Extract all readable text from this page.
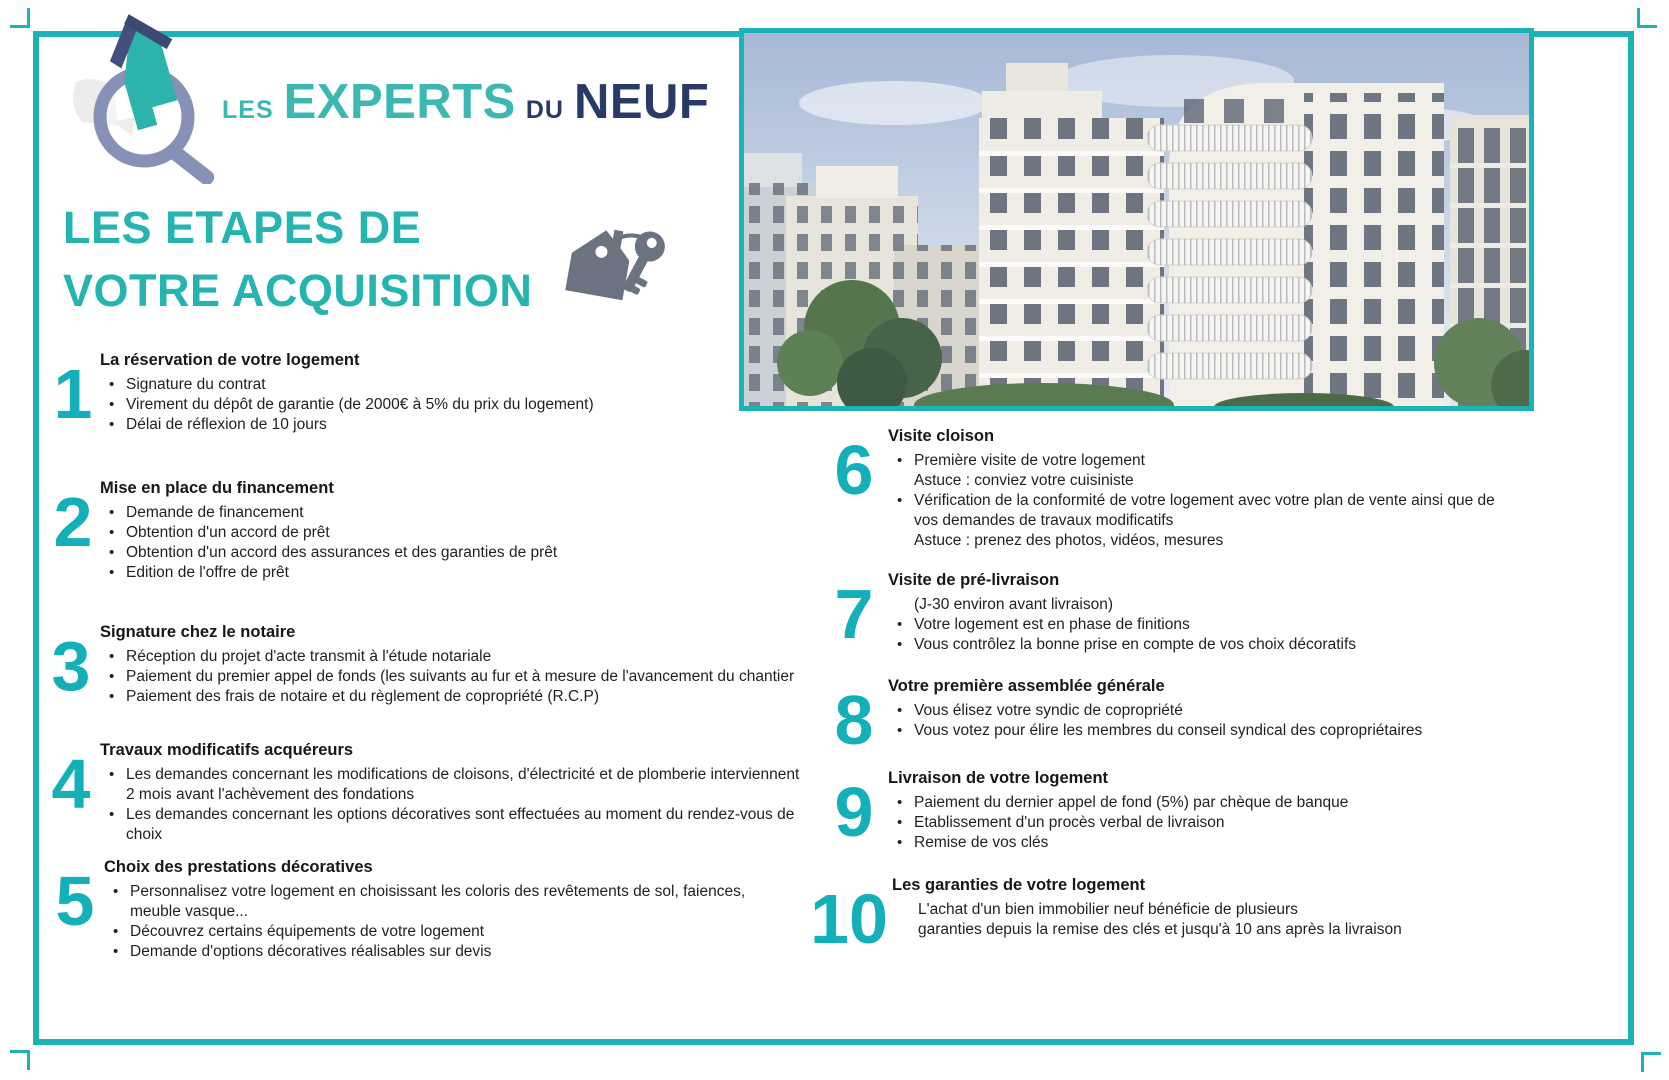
LES EXPERTS DU NEUF
LES ETAPES DE
VOTRE ACQUISITION
1 La réservation de votre logement
• Signature du contrat
• Virement du dépôt de garantie (de 2000€ à 5% du prix du logement)
• Délai de réflexion de 10 jours
2 Mise en place du financement
• Demande de financement
• Obtention d'un accord de prêt
• Obtention d'un accord des assurances et des garanties de prêt
• Edition de l'offre de prêt
3 Signature chez le notaire
• Réception du projet d'acte transmit à l'étude notariale
• Paiement du premier appel de fonds (les suivants au fur et à mesure de l'avancement du chantier
• Paiement des frais de notaire et du règlement de copropriété (R.C.P)
4 Travaux modificatifs acquéreurs
• Les demandes concernant les modifications de cloisons, d'électricité et de plomberie interviennent 2 mois avant l'achèvement des fondations
• Les demandes concernant les options décoratives sont effectuées au moment du rendez-vous de choix
5 Choix des prestations décoratives
• Personnalisez votre logement en choisissant les coloris des revêtements de sol, faiences, meuble vasque...
• Découvrez certains équipements de votre logement
• Demande d'options décoratives réalisables sur devis
6 Visite cloison
• Première visite de votre logement
Astuce : conviez votre cuisiniste
• Vérification de la conformité de votre logement avec votre plan de vente ainsi que de vos demandes de travaux modificatifs
Astuce : prenez des photos, vidéos, mesures
7 Visite de pré-livraison
(J-30 environ avant livraison)
• Votre logement est en phase de finitions
• Vous contrôlez la bonne prise en compte de vos choix décoratifs
8 Votre première assemblée générale
• Vous élisez votre syndic de copropriété
• Vous votez pour élire les membres du conseil syndical des copropriétaires
9 Livraison de votre logement
• Paiement du dernier appel de fond (5%) par chèque de banque
• Etablissement d'un procès verbal de livraison
• Remise de vos clés
10 Les garanties de votre logement
L'achat d'un bien immobilier neuf bénéficie de plusieurs
garanties depuis la remise des clés et jusqu'à 10 ans après la livraison
